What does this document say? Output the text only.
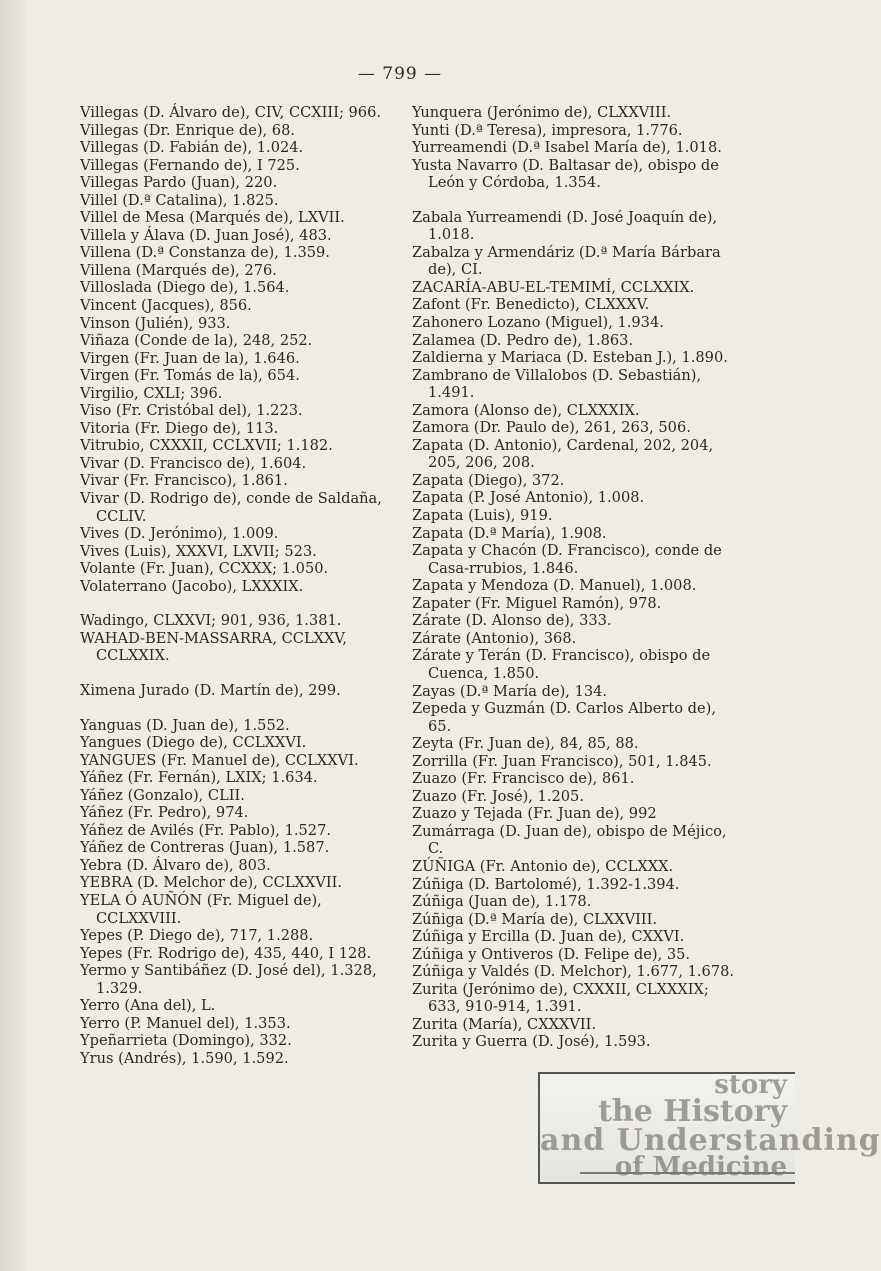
— 799 —
Villegas (D. Álvaro de), CIV, CCXIII; 966.
Villegas (Dr. Enrique de), 68.
Villegas (D. Fabián de), 1.024.
Villegas (Fernando de), I 725.
Villegas Pardo (Juan), 220.
Villel (D.ª Catalina), 1.825.
Villel de Mesa (Marqués de), LXVII.
Villela y Álava (D. Juan José), 483.
Villena (D.ª Constanza de), 1.359.
Villena (Marqués de), 276.
Villoslada (Diego de), 1.564.
Vincent (Jacques), 856.
Vinson (Julién), 933.
Viñaza (Conde de la), 248, 252.
Virgen (Fr. Juan de la), 1.646.
Virgen (Fr. Tomás de la), 654.
Virgilio, CXLI; 396.
Viso (Fr. Cristóbal del), 1.223.
Vitoria (Fr. Diego de), 113.
Vitrubio, CXXXII, CCLXVII; 1.182.
Vivar (D. Francisco de), 1.604.
Vivar (Fr. Francisco), 1.861.
Vivar (D. Rodrigo de), conde de Saldaña, CCLIV.
Vives (D. Jerónimo), 1.009.
Vives (Luis), XXXVI, LXVII; 523.
Volante (Fr. Juan), CCXXX; 1.050.
Volaterrano (Jacobo), LXXXIX.
Wadingo, CLXXVI; 901, 936, 1.381.
WAHAD-BEN-MASSARRA, CCLXXV, CCLXXIX.
Ximena Jurado (D. Martín de), 299.
Yanguas (D. Juan de), 1.552.
Yangues (Diego de), CCLXXVI.
YANGUES (Fr. Manuel de), CCLXXVI.
Yáñez (Fr. Fernán), LXIX; 1.634.
Yáñez (Gonzalo), CLII.
Yáñez (Fr. Pedro), 974.
Yáñez de Avilés (Fr. Pablo), 1.527.
Yáñez de Contreras (Juan), 1.587.
Yebra (D. Álvaro de), 803.
YEBRA (D. Melchor de), CCLXXVII.
YELA Ó AUÑÓN (Fr. Miguel de), CCLXXVIII.
Yepes (P. Diego de), 717, 1.288.
Yepes (Fr. Rodrigo de), 435, 440, I 128.
Yermo y Santibáñez (D. José del), 1.328, 1.329.
Yerro (Ana del), L.
Yerro (P. Manuel del), 1.353.
Ypeñarrieta (Domingo), 332.
Yrus (Andrés), 1.590, 1.592.
Yunquera (Jerónimo de), CLXXVIII.
Yunti (D.ª Teresa), impresora, 1.776.
Yurreamendi (D.ª Isabel María de), 1.018.
Yusta Navarro (D. Baltasar de), obispo de León y Córdoba, 1.354.
Zabala Yurreamendi (D. José Joaquín de), 1.018.
Zabalza y Armendáriz (D.ª María Bárbara de), CI.
ZACARÍA-ABU-EL-TEMIMÍ, CCLXXIX.
Zafont (Fr. Benedicto), CLXXXV.
Zahonero Lozano (Miguel), 1.934.
Zalamea (D. Pedro de), 1.863.
Zaldierna y Mariaca (D. Esteban J.), 1.890.
Zambrano de Villalobos (D. Sebastián), 1.491.
Zamora (Alonso de), CLXXXIX.
Zamora (Dr. Paulo de), 261, 263, 506.
Zapata (D. Antonio), Cardenal, 202, 204, 205, 206, 208.
Zapata (Diego), 372.
Zapata (P. José Antonio), 1.008.
Zapata (Luis), 919.
Zapata (D.ª María), 1.908.
Zapata y Chacón (D. Francisco), conde de Casa-rrubios, 1.846.
Zapata y Mendoza (D. Manuel), 1.008.
Zapater (Fr. Miguel Ramón), 978.
Zárate (D. Alonso de), 333.
Zárate (Antonio), 368.
Zárate y Terán (D. Francisco), obispo de Cuenca, 1.850.
Zayas (D.ª María de), 134.
Zepeda y Guzmán (D. Carlos Alberto de), 65.
Zeyta (Fr. Juan de), 84, 85, 88.
Zorrilla (Fr. Juan Francisco), 501, 1.845.
Zuazo (Fr. Francisco de), 861.
Zuazo (Fr. José), 1.205.
Zuazo y Tejada (Fr. Juan de), 992
Zumárraga (D. Juan de), obispo de Méjico, C.
ZÚÑIGA (Fr. Antonio de), CCLXXX.
Zúñiga (D. Bartolomé), 1.392-1.394.
Zúñiga (Juan de), 1.178.
Zúñiga (D.ª María de), CLXXVIII.
Zúñiga y Ercilla (D. Juan de), CXXVI.
Zúñiga y Ontiveros (D. Felipe de), 35.
Zúñiga y Valdés (D. Melchor), 1.677, 1.678.
Zurita (Jerónimo de), CXXXII, CLXXXIX; 633, 910-914, 1.391.
Zurita (María), CXXXVII.
Zurita y Guerra (D. José), 1.593.
story
the History
and Understanding
of Medicine
